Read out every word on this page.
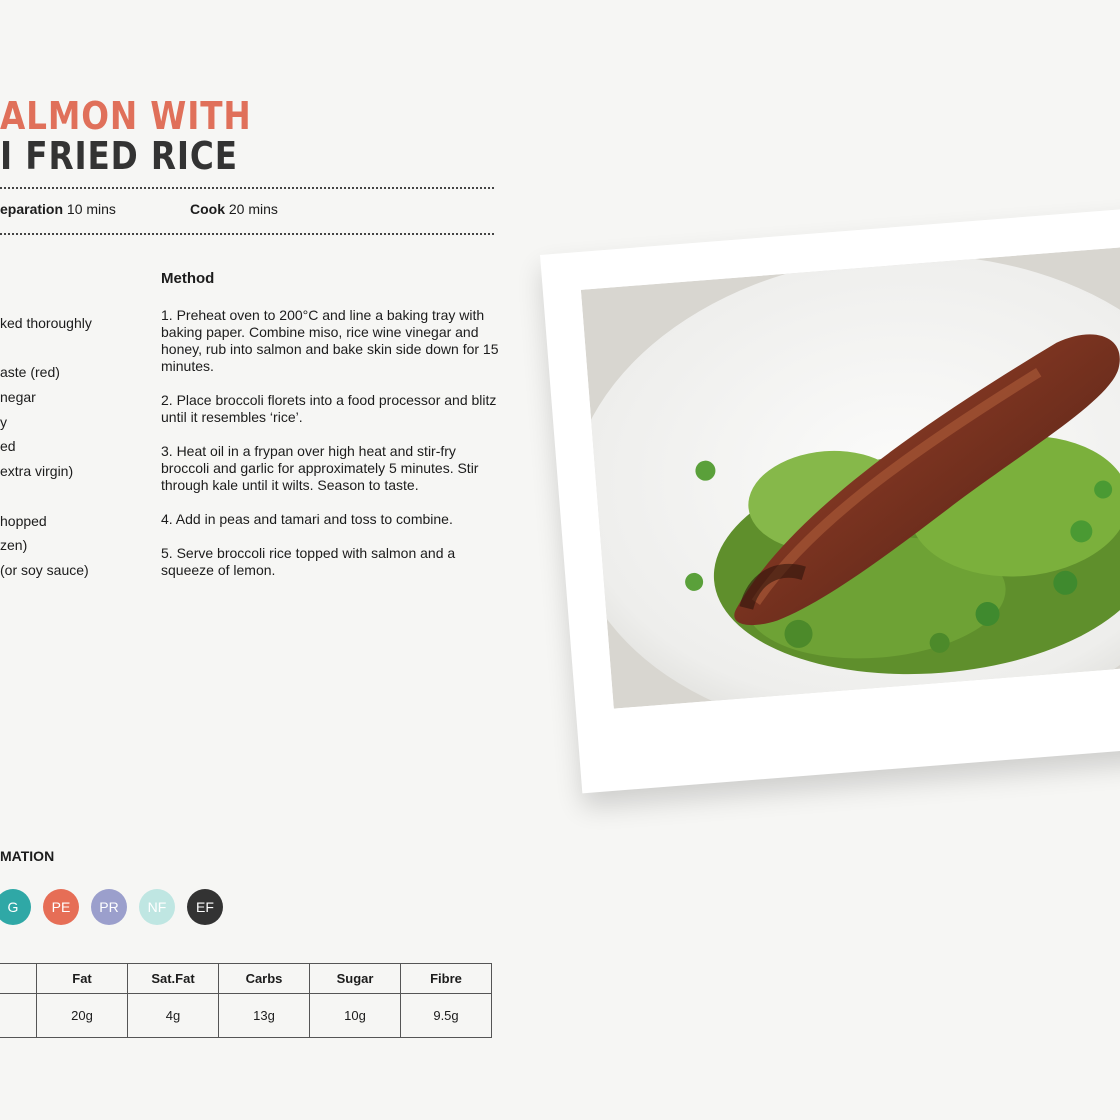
ALMON WITH
I FRIED RICE
eparation 10 mins	Cook 20 mins
ked thoroughly
aste (red)
negar
y
ed
extra virgin)
hopped
zen)
(or soy sauce)
Method

1. Preheat oven to 200°C and line a baking tray with baking paper. Combine miso, rice wine vinegar and honey, rub into salmon and bake skin side down for 15 minutes.

2. Place broccoli florets into a food processor and blitz until it resembles ‘rice’.

3. Heat oil in a frypan over high heat and stir-fry broccoli and garlic for approximately 5 minutes. Stir through kale until it wilts. Season to taste.

4. Add in peas and tamari and toss to combine.

5. Serve broccoli rice topped with salmon and a squeeze of lemon.

MATION
G	PE	PR	NF	EF
	Fat	Sat.Fat	Carbs	Sugar	Fibre
	20g	4g	13g	10g	9.5g
